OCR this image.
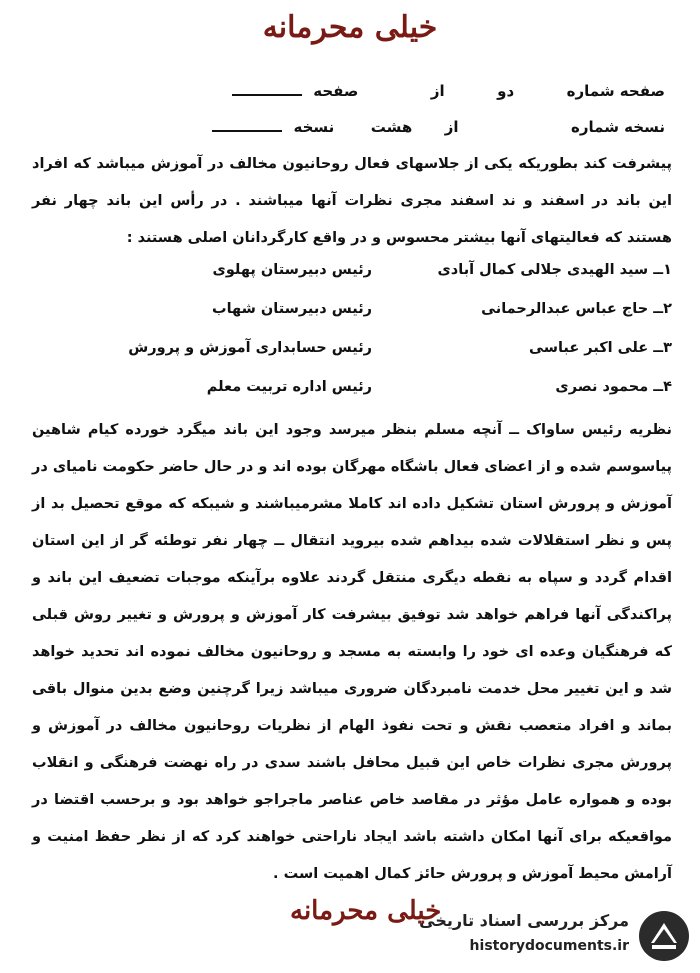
خیلی محرمانه
صفحه شماره  دو  از  صفحه
نسخه شماره  از  هشت  نسخه
پیشرفت کند بطوریکه یکی از جلاسهای فعال روحانیون مخالف در آموزش میباشد که افراد این باند در اسفند و ند اسفند مجری نظرات آنها میباشند . در رأس این باند چهار نفر هستند که فعالیتهای آنها بیشتر محسوس و در واقع کارگردانان اصلی هستند :
۱ــ سید الهیدی جلالی کمال آبادی
رئیس دبیرستان پهلوی
۲ــ حاج عباس عبدالرحمانی
رئیس دبیرستان شهاب
۳ــ علی اکبر عباسی
رئیس حسابداری آموزش و پرورش
۴ــ محمود نصری
رئیس اداره تربیت معلم
نظریه رئیس ساواک ــ آنچه مسلم بنظر میرسد وجود این باند میگرد خورده کیام شاهین پیاسوسم شده و از اعضای فعال باشگاه مهرگان بوده اند و در حال حاضر حکومت نامیای در آموزش و پرورش استان تشکیل داده اند کاملا مشرمیباشند و شیبکه که موقع تحصیل بد از پس و نظر استقلالات شده بیداهم شده بیروید انتقال ــ چهار نفر توطئه گر از این استان اقدام گردد و سپاه به نقطه دیگری منتقل گردند علاوه برآینکه موجبات تضعیف این باند و پراکندگی آنها فراهم خواهد شد توفیق بیشرفت کار آموزش و پرورش و تغییر روش قبلی که فرهنگیان وعده ای خود را وابسته به مسجد و روحانیون مخالف نموده اند تحدید خواهد شد و این تغییر محل خدمت نامبردگان ضروری میباشد زیرا گرچنین وضع بدین منوال باقی بماند و افراد متعصب نقش و تحت نفوذ الهام از نظریات روحانیون مخالف در آموزش و پرورش مجری نظرات خاص این قبیل محافل باشند سدی در راه نهضت فرهنگی و انقلاب بوده و همواره عامل مؤثر در مقاصد خاص عناصر ماجراجو خواهد بود و برحسب اقتضا در مواقعیکه برای آنها امکان داشته باشد ایجاد ناراحتی خواهند کرد که از نظر حفظ امنیت و آرامش محیط آموزش و پرورش حائز کمال اهمیت است .
خیلی محرمانه
مرکز بررسی اسناد تاریخی
historydocuments.ir
